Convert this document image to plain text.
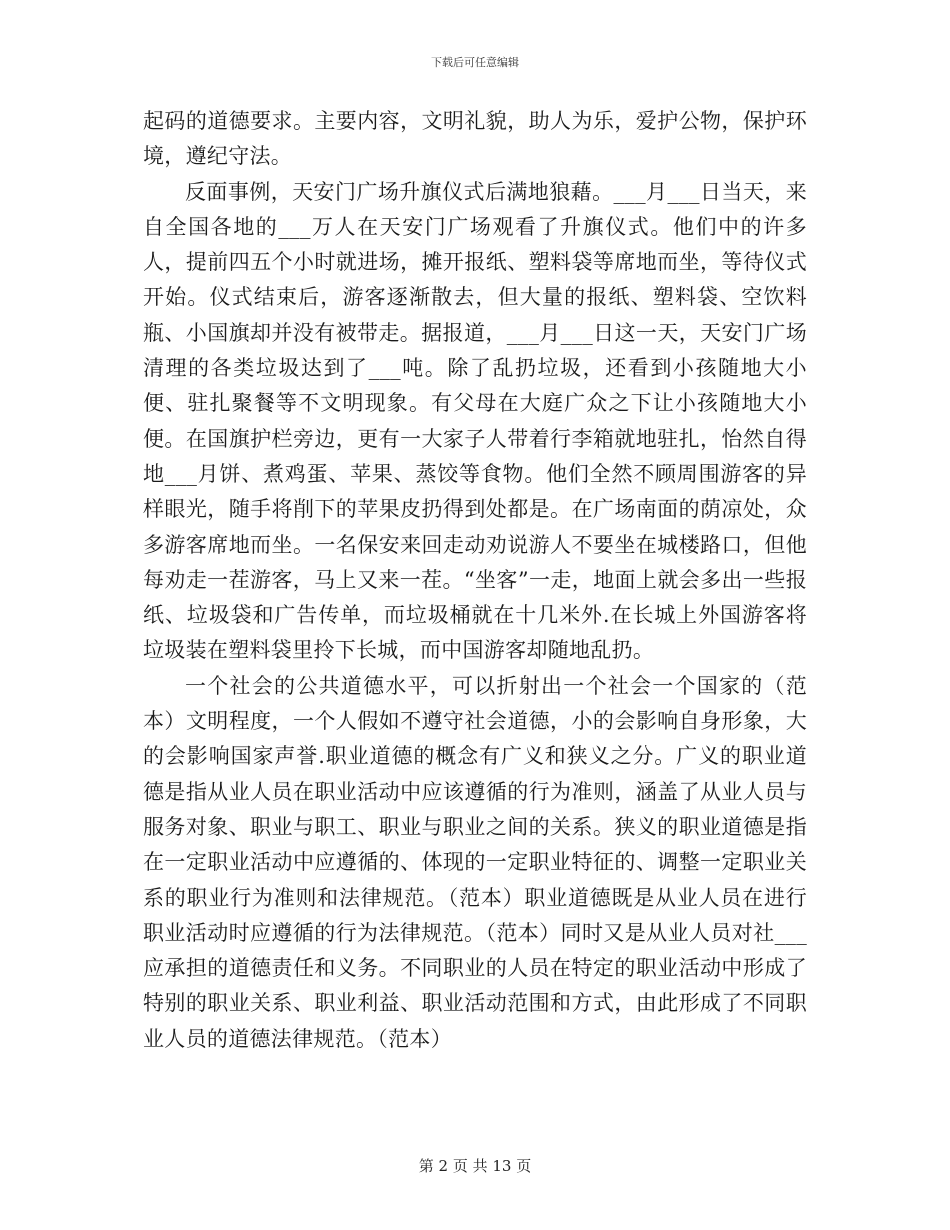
下载后可任意编辑

起码的道德要求。主要内容，文明礼貌，助人为乐，爱护公物，保护环境，遵纪守法。

反面事例，天安门广场升旗仪式后满地狼藉。___月___日当天，来自全国各地的___万人在天安门广场观看了升旗仪式。他们中的许多人，提前四五个小时就进场，摊开报纸、塑料袋等席地而坐，等待仪式开始。仪式结束后，游客逐渐散去，但大量的报纸、塑料袋、空饮料瓶、小国旗却并没有被带走。据报道，___月___日这一天，天安门广场清理的各类垃圾达到了___吨。除了乱扔垃圾，还看到小孩随地大小便、驻扎聚餐等不文明现象。有父母在大庭广众之下让小孩随地大小便。在国旗护栏旁边，更有一大家子人带着行李箱就地驻扎，怡然自得地___月饼、煮鸡蛋、苹果、蒸饺等食物。他们全然不顾周围游客的异样眼光，随手将削下的苹果皮扔得到处都是。在广场南面的荫凉处，众多游客席地而坐。一名保安来回走动劝说游人不要坐在城楼路口，但他每劝走一茬游客，马上又来一茬。“坐客”一走，地面上就会多出一些报纸、垃圾袋和广告传单，而垃圾桶就在十几米外.在长城上外国游客将垃圾装在塑料袋里拎下长城，而中国游客却随地乱扔。

一个社会的公共道德水平，可以折射出一个社会一个国家的（范本）文明程度，一个人假如不遵守社会道德，小的会影响自身形象，大的会影响国家声誉.职业道德的概念有广义和狭义之分。广义的职业道德是指从业人员在职业活动中应该遵循的行为准则，涵盖了从业人员与服务对象、职业与职工、职业与职业之间的关系。狭义的职业道德是指在一定职业活动中应遵循的、体现的一定职业特征的、调整一定职业关系的职业行为准则和法律规范。（范本）职业道德既是从业人员在进行职业活动时应遵循的行为法律规范。（范本）同时又是从业人员对社___应承担的道德责任和义务。不同职业的人员在特定的职业活动中形成了特别的职业关系、职业利益、职业活动范围和方式，由此形成了不同职业人员的道德法律规范。（范本）

第 2 页 共 13 页
